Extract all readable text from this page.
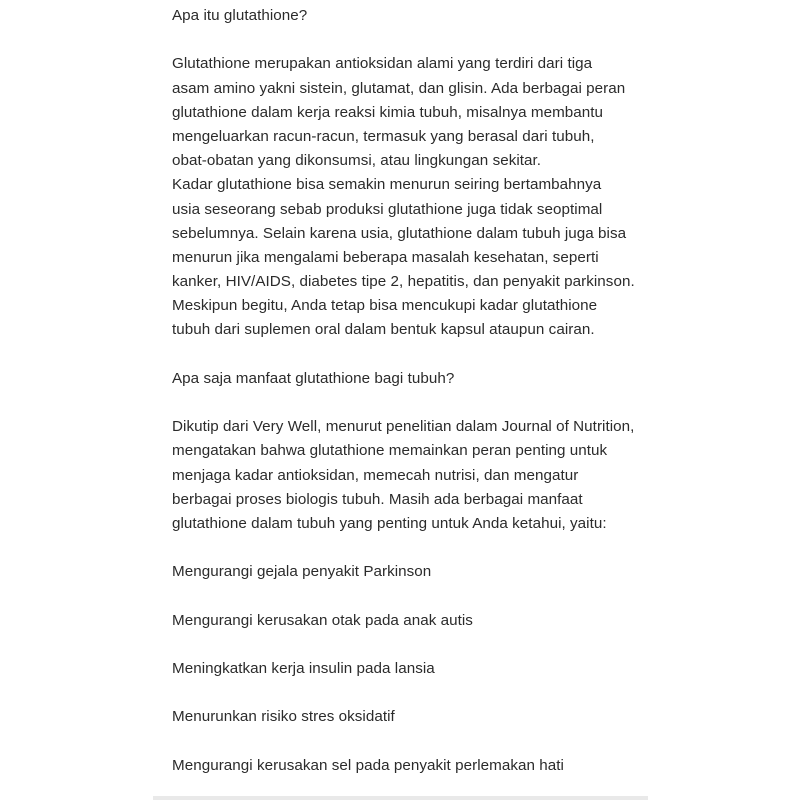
Apa itu glutathione?
Glutathione merupakan antioksidan alami yang terdiri dari tiga
asam amino yakni sistein, glutamat, dan glisin. Ada berbagai peran
glutathione dalam kerja reaksi kimia tubuh, misalnya membantu
mengeluarkan racun-racun, termasuk yang berasal dari tubuh,
obat-obatan yang dikonsumsi, atau lingkungan sekitar.
Kadar glutathione bisa semakin menurun seiring bertambahnya
usia seseorang sebab produksi glutathione juga tidak seoptimal
sebelumnya. Selain karena usia, glutathione dalam tubuh juga bisa
menurun jika mengalami beberapa masalah kesehatan, seperti
kanker, HIV/AIDS, diabetes tipe 2, hepatitis, dan penyakit parkinson.
Meskipun begitu, Anda tetap bisa mencukupi kadar glutathione
tubuh dari suplemen oral dalam bentuk kapsul ataupun cairan.
Apa saja manfaat glutathione bagi tubuh?
Dikutip dari Very Well, menurut penelitian dalam Journal of Nutrition,
mengatakan bahwa glutathione memainkan peran penting untuk
menjaga kadar antioksidan, memecah nutrisi, dan mengatur
berbagai proses biologis tubuh. Masih ada berbagai manfaat
glutathione dalam tubuh yang penting untuk Anda ketahui, yaitu:
Mengurangi gejala penyakit Parkinson
Mengurangi kerusakan otak pada anak autis
Meningkatkan kerja insulin pada lansia
Menurunkan risiko stres oksidatif
Mengurangi kerusakan sel pada penyakit perlemakan hati
